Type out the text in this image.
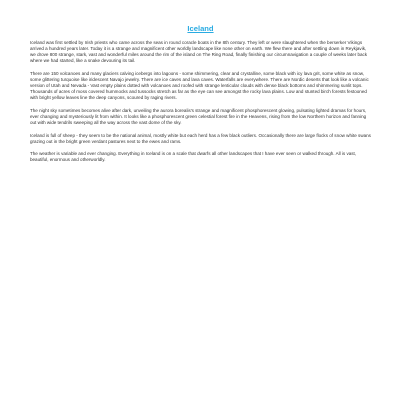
Iceland

Iceland was first settled by Irish priests who came across the seas in round coracle boats in the 8th century. They left or were slaughtered when the berserker Vikings arrived a hundred years later. Today it is a strange and magnificent other worldly landscape like none other on earth. We flew there and after settling down in Reykjavik, we drove 800 strange, stark, vast and wonderful miles around the rim of the island on The Ring Road, finally finishing our circumnavigation a couple of weeks later back where we had started, like a snake devouring its tail.

There are 150 volcanoes and many glaciers calving icebergs into lagoons - some shimmering, clear and crystalline, some black with icy lava grit, some white as snow, some glittering turquoise like iridescent Navajo jewelry. There are ice caves and lava caves. Waterfalls are everywhere. There are Nordic deserts that look like a volcanic version of Utah and Nevada - Vast empty plains dotted with volcanoes and roofed with strange lenticular clouds with dense black bottoms and shimmering sunlit tops. Thousands of acres of moss covered hummocks and tussocks stretch as far as the eye can see amongst the rocky lava plains. Low and stunted birch forests festooned with bright yellow leaves line the deep canyons, scoured by raging rivers.

The night sky sometimes becomes alive after dark, unveiling the aurora borealis's strange and magnificent phosphorescent glowing, pulsating lighted dramas for hours, ever changing and mysteriously lit from within. It looks like a phosphorescent green celestial forest fire in the Heavens, rising from the low Northern horizon and fanning out with wide tendrils sweeping all the way across the vast dome of the sky.

Iceland is full of sheep - they seem to be the national animal, mostly white but each herd has a few black outliers. Occasionally there are large flocks of snow white swans grazing out in the bright green verdant pastures next to the ewes and rams.

The weather is variable and ever changing. Everything in Iceland is on a scale that dwarfs all other landscapes that I have ever seen or walked through. All is vast, beautiful, enormous and otherworldly.
